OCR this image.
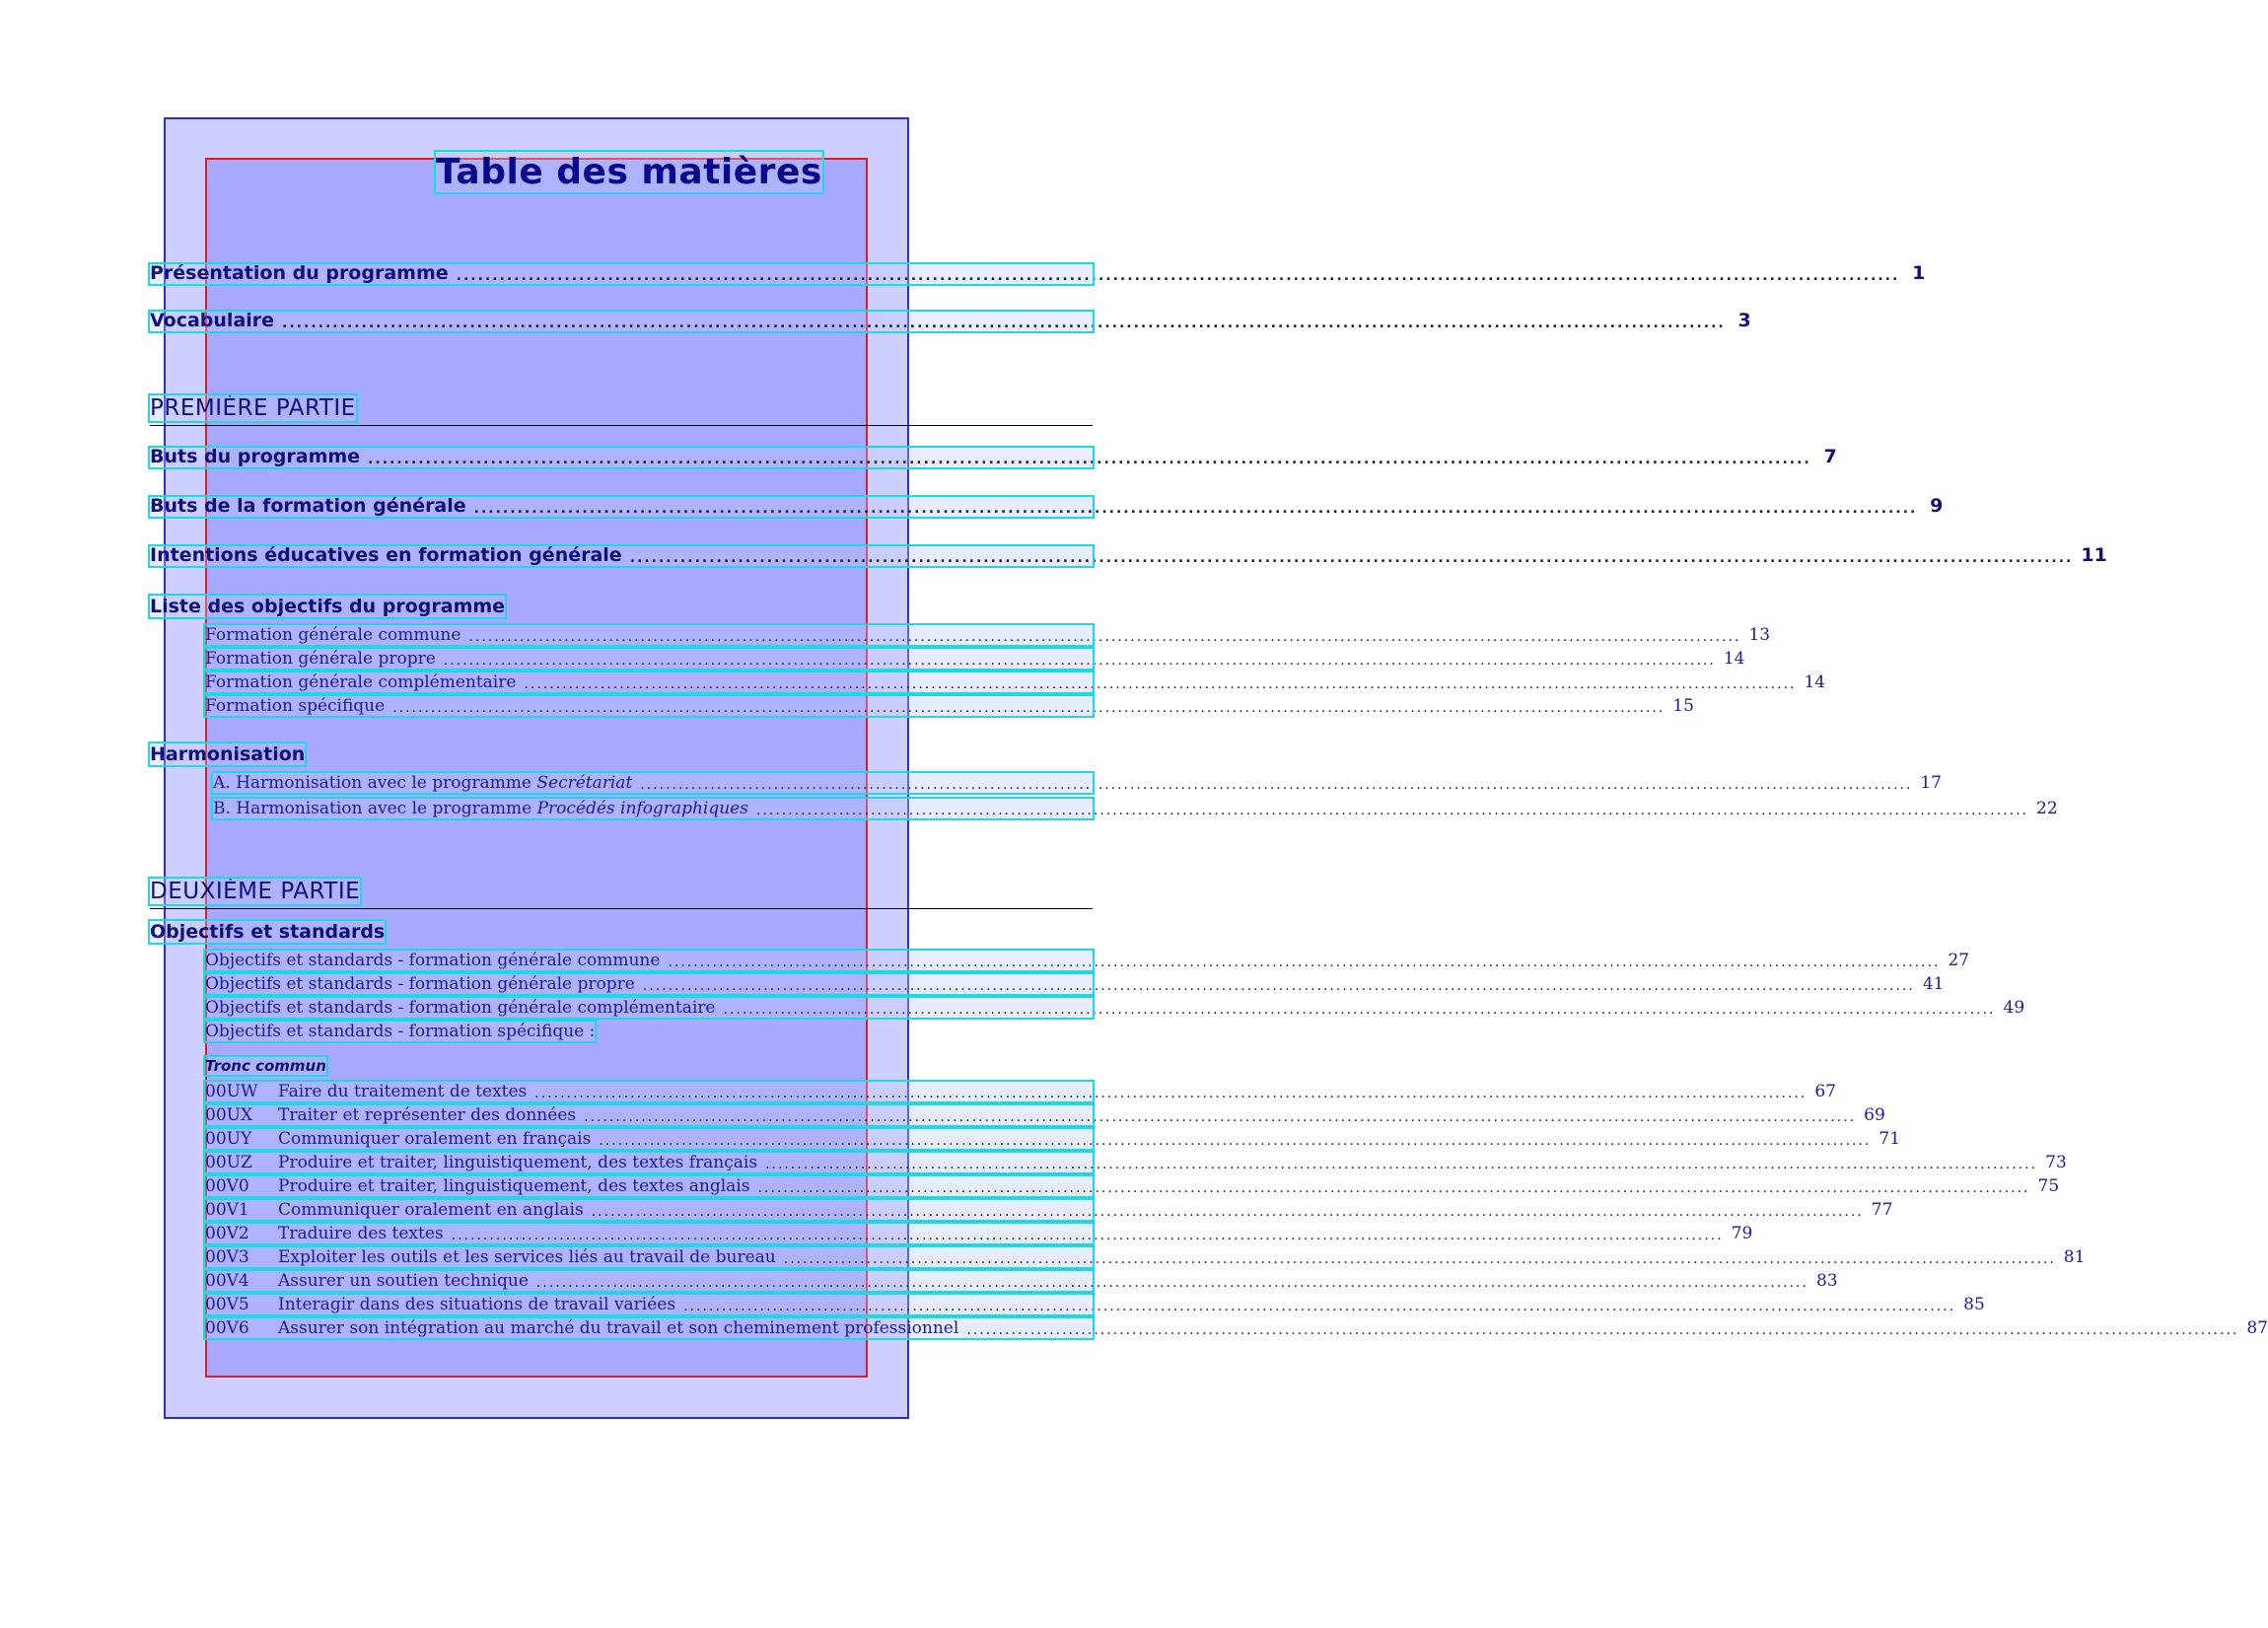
Table des matières
Présentation du programme ........................................................................................................................................................................................................ 1
Vocabulaire ........................................................................................................................................................................................................ 3
PREMIÈRE PARTIE
Buts du programme ........................................................................................................................................................................................................ 7
Buts de la formation générale ........................................................................................................................................................................................................ 9
Intentions éducatives en formation générale ........................................................................................................................................................................................................ 11
Liste des objectifs du programme
Formation générale commune ........................................................................................................................................................................................................ 13
Formation générale propre ........................................................................................................................................................................................................ 14
Formation générale complémentaire ........................................................................................................................................................................................................ 14
Formation spécifique ........................................................................................................................................................................................................ 15
Harmonisation
A. Harmonisation avec le programme Secrétariat ........................................................................................................................................................................................................ 17
B. Harmonisation avec le programme Procédés infographiques ........................................................................................................................................................................................................ 22
DEUXIÈME PARTIE
Objectifs et standards
Objectifs et standards - formation générale commune ........................................................................................................................................................................................................ 27
Objectifs et standards - formation générale propre ........................................................................................................................................................................................................ 41
Objectifs et standards - formation générale complémentaire ........................................................................................................................................................................................................ 49
Objectifs et standards - formation spécifique :
Tronc commun
00UW Faire du traitement de textes ........................................................................................................................................................................................................ 67
00UX Traiter et représenter des données ........................................................................................................................................................................................................ 69
00UY Communiquer oralement en français ........................................................................................................................................................................................................ 71
00UZ Produire et traiter, linguistiquement, des textes français ........................................................................................................................................................................................................ 73
00V0 Produire et traiter, linguistiquement, des textes anglais ........................................................................................................................................................................................................ 75
00V1 Communiquer oralement en anglais ........................................................................................................................................................................................................ 77
00V2 Traduire des textes ........................................................................................................................................................................................................ 79
00V3 Exploiter les outils et les services liés au travail de bureau ........................................................................................................................................................................................................ 81
00V4 Assurer un soutien technique ........................................................................................................................................................................................................ 83
00V5 Interagir dans des situations de travail variées ........................................................................................................................................................................................................ 85
00V6 Assurer son intégration au marché du travail et son cheminement professionnel ........................................................................................................................................................................................................ 87
